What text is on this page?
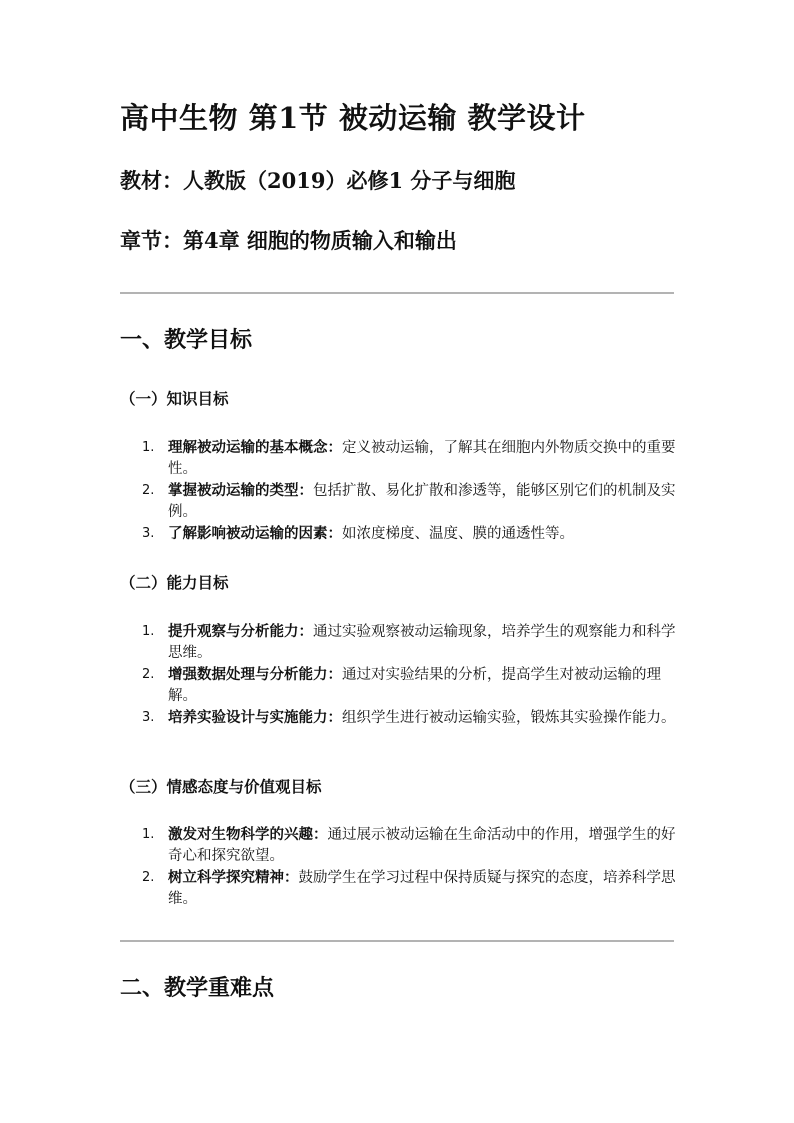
高中生物 第1节 被动运输 教学设计

教材：人教版（2019）必修1 分子与细胞

章节：第4章 细胞的物质输入和输出

一、教学目标
（一）知识目标
1. 理解被动运输的基本概念：定义被动运输，了解其在细胞内外物质交换中的重要性。
2. 掌握被动运输的类型：包括扩散、易化扩散和渗透等，能够区别它们的机制及实例。
3. 了解影响被动运输的因素：如浓度梯度、温度、膜的通透性等。
（二）能力目标
1. 提升观察与分析能力：通过实验观察被动运输现象，培养学生的观察能力和科学思维。
2. 增强数据处理与分析能力：通过对实验结果的分析，提高学生对被动运输的理解。
3. 培养实验设计与实施能力：组织学生进行被动运输实验，锻炼其实验操作能力。
（三）情感态度与价值观目标
1. 激发对生物科学的兴趣：通过展示被动运输在生命活动中的作用，增强学生的好奇心和探究欲望。
2. 树立科学探究精神：鼓励学生在学习过程中保持质疑与探究的态度，培养科学思维。
二、教学重难点
